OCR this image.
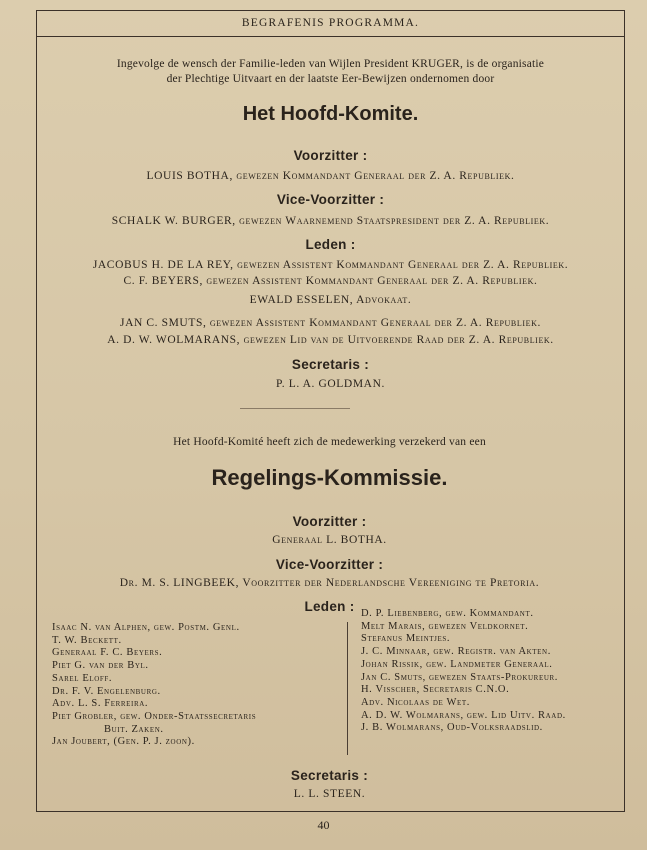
BEGRAFENIS PROGRAMMA.
Ingevolge de wensch der Familie-leden van Wijlen President KRUGER, is de organisatie
der Plechtige Uitvaart en der laatste Eer-Bewijzen ondernomen door
Het Hoofd-Komite.
Voorzitter :
LOUIS BOTHA, gewezen Kommandant Generaal der Z. A. Republiek.
Vice-Voorzitter :
SCHALK W. BURGER, gewezen Waarnemend Staatspresident der Z. A. Republiek.
Leden :
JACOBUS H. DE LA REY, gewezen Assistent Kommandant Generaal der Z. A. Republiek.
C. F. BEYERS, gewezen Assistent Kommandant Generaal der Z. A. Republiek.
EWALD ESSELEN, Advokaat.
JAN C. SMUTS, gewezen Assistent Kommandant Generaal der Z. A. Republiek.
A. D. W. WOLMARANS, gewezen Lid van de Uitvoerende Raad der Z. A. Republiek.
Secretaris :
P. L. A. GOLDMAN.
Het Hoofd-Komité heeft zich de medewerking verzekerd van een
Regelings-Kommissie.
Voorzitter :
Generaal L. BOTHA.
Vice-Voorzitter :
Dr. M. S. LINGBEEK, Voorzitter der Nederlandsche Vereeniging te Pretoria.
Leden :
Isaac N. van Alphen, gew. Postm. Genl.
T. W. Beckett.
Generaal F. C. Beyers.
Piet G. van der Byl.
Sarel Eloff.
Dr. F. V. Engelenburg.
Adv. L. S. Ferreira.
Piet Grobler, gew. Onder-Staatssecretaris
Buit. Zaken.
Jan Joubert, (Gen. P. J. zoon).
D. P. Liebenberg, gew. Kommandant.
Melt Marais, gewezen Veldkornet.
Stefanus Meintjes.
J. C. Minnaar, gew. Registr. van Akten.
Johan Rissik, gew. Landmeter Generaal.
Jan C. Smuts, gewezen Staats-Prokureur.
H. Visscher, Secretaris C.N.O.
Adv. Nicolaas de Wet.
A. D. W. Wolmarans, gew. Lid Uitv. Raad.
J. B. Wolmarans, Oud-Volksraadslid.
Secretaris :
L. L. STEEN.
40
